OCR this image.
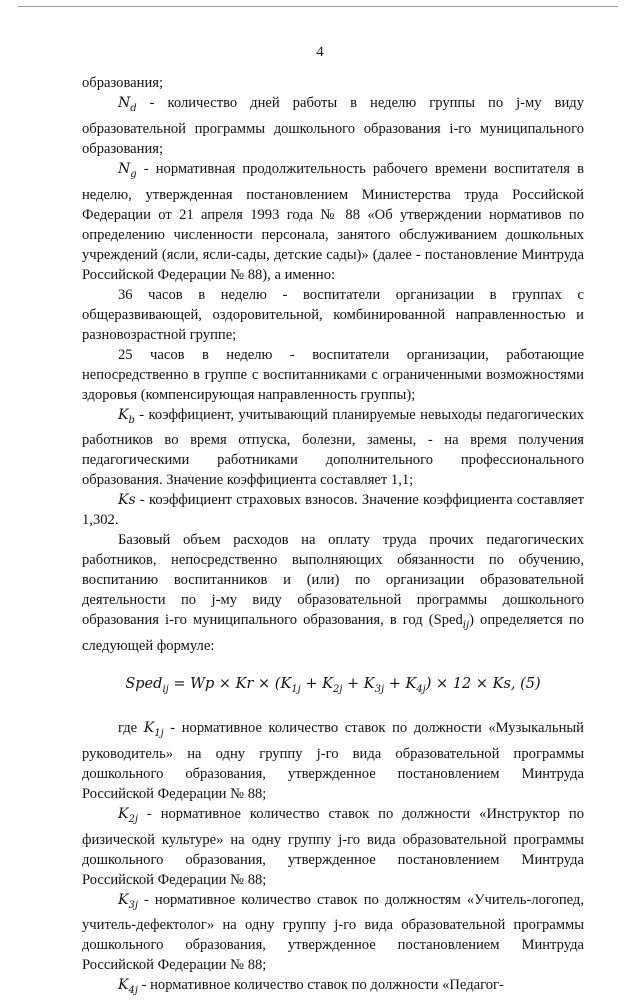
4

образования;

$N_d$ - количество дней работы в неделю группы по j-му виду образовательной программы дошкольного образования i-го муниципального образования;

$N_g$ - нормативная продолжительность рабочего времени воспитателя в неделю, утвержденная постановлением Министерства труда Российской Федерации от 21 апреля 1993 года № 88 «Об утверждении нормативов по определению численности персонала, занятого обслуживанием дошкольных учреждений (ясли, ясли-сады, детские сады)» (далее - постановление Минтруда Российской Федерации № 88), а именно:

36 часов в неделю - воспитатели организации в группах с общеразвивающей, оздоровительной, комбинированной направленностью и разновозрастной группе;

25 часов в неделю - воспитатели организации, работающие непосредственно в группе с воспитанниками с ограниченными возможностями здоровья (компенсирующая направленность группы);

$K_b$ - коэффициент, учитывающий планируемые невыходы педагогических работников во время отпуска, болезни, замены, - на время получения педагогическими работниками дополнительного профессионального образования. Значение коэффициента составляет 1,1;

Ks - коэффициент страховых взносов. Значение коэффициента составляет 1,302.

Базовый объем расходов на оплату труда прочих педагогических работников, непосредственно выполняющих обязанности по обучению, воспитанию воспитанников и (или) по организации образовательной деятельности по j-му виду образовательной программы дошкольного образования i-го муниципального образования, в год (Sped$_{ij}$) определяется по следующей формуле:

Sped$_{ij}$ = $Wp \times Kr \times (K_{1j} + K_{2j} + K_{3j} + K_{4j}) \times 12 \times Ks$, (5)

где $K_{1j}$ - нормативное количество ставок по должности «Музыкальный руководитель» на одну группу j-го вида образовательной программы дошкольного образования, утвержденное постановлением Минтруда Российской Федерации № 88;

$K_{2j}$ - нормативное количество ставок по должности «Инструктор по физической культуре» на одну группу j-го вида образовательной программы дошкольного образования, утвержденное постановлением Минтруда Российской Федерации № 88;

$K_{3j}$ - нормативное количество ставок по должностям «Учитель-логопед, учитель-дефектолог» на одну группу j-го вида образовательной программы дошкольного образования, утвержденное постановлением Минтруда Российской Федерации № 88;

$K_{4j}$ - нормативное количество ставок по должности «Педагог-
